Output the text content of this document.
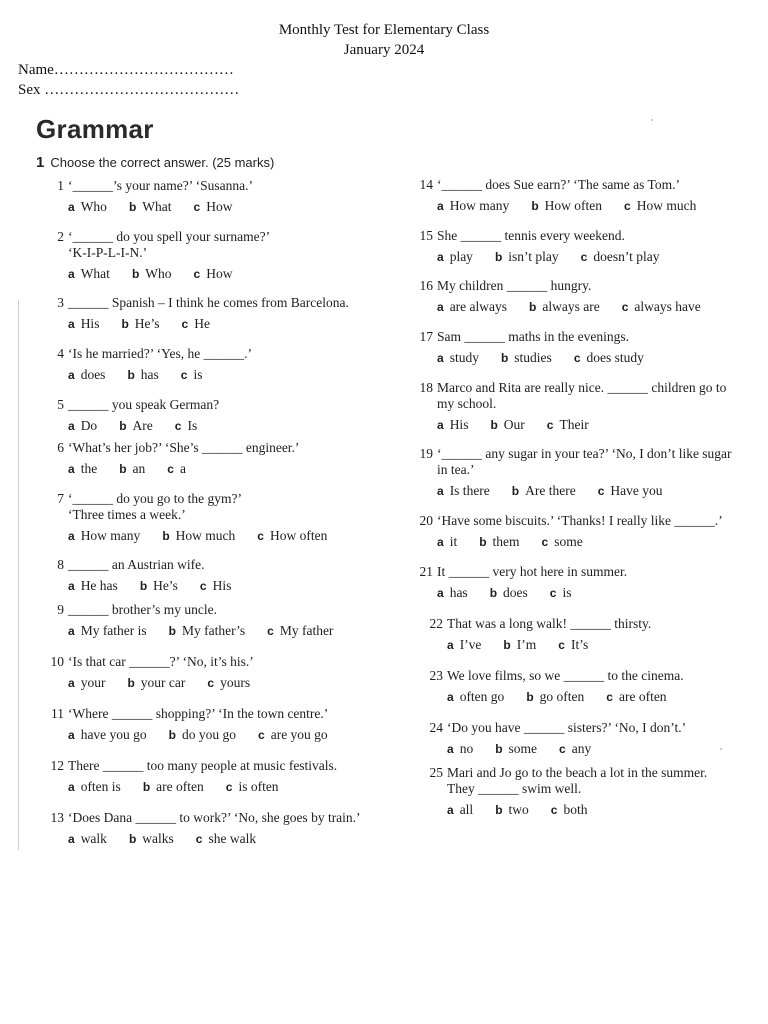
Monthly Test for Elementary Class
January 2024
Name………………………………
Sex …………………………………
Grammar
1 Choose the correct answer. (25 marks)
1 ‘______’s your name?’ ‘Susanna.’
a Who b What c How
2 ‘______ do you spell your surname?’
‘K-I-P-L-I-N.’
a What b Who c How
3 ______ Spanish – I think he comes from Barcelona.
a His b He’s c He
4 ‘Is he married?’ ‘Yes, he ______.’
a does b has c is
5 ______ you speak German?
a Do b Are c Is
6 ‘What’s her job?’ ‘She’s ______ engineer.’
a the b an c a
7 ‘______ do you go to the gym?’
‘Three times a week.’
a How many b How much c How often
8 ______ an Austrian wife.
a He has b He’s c His
9 ______ brother’s my uncle.
a My father is b My father’s c My father
10 ‘Is that car ______?’ ‘No, it’s his.’
a your b your car c yours
11 ‘Where ______ shopping?’ ‘In the town centre.’
a have you go b do you go c are you go
12 There ______ too many people at music festivals.
a often is b are often c is often
13 ‘Does Dana ______ to work?’ ‘No, she goes by train.’
a walk b walks c she walk
14 ‘______ does Sue earn?’ ‘The same as Tom.’
a How many b How often c How much
15 She ______ tennis every weekend.
a play b isn’t play c doesn’t play
16 My children ______ hungry.
a are always b always are c always have
17 Sam ______ maths in the evenings.
a study b studies c does study
18 Marco and Rita are really nice. ______ children go to
my school.
a His b Our c Their
19 ‘______ any sugar in your tea?’ ‘No, I don’t like sugar
in tea.’
a Is there b Are there c Have you
20 ‘Have some biscuits.’ ‘Thanks! I really like ______.’
a it b them c some
21 It ______ very hot here in summer.
a has b does c is
22 That was a long walk! ______ thirsty.
a I’ve b I’m c It’s
23 We love films, so we ______ to the cinema.
a often go b go often c are often
24 ‘Do you have ______ sisters?’ ‘No, I don’t.’
a no b some c any
25 Mari and Jo go to the beach a lot in the summer.
They ______ swim well.
a all b two c both
